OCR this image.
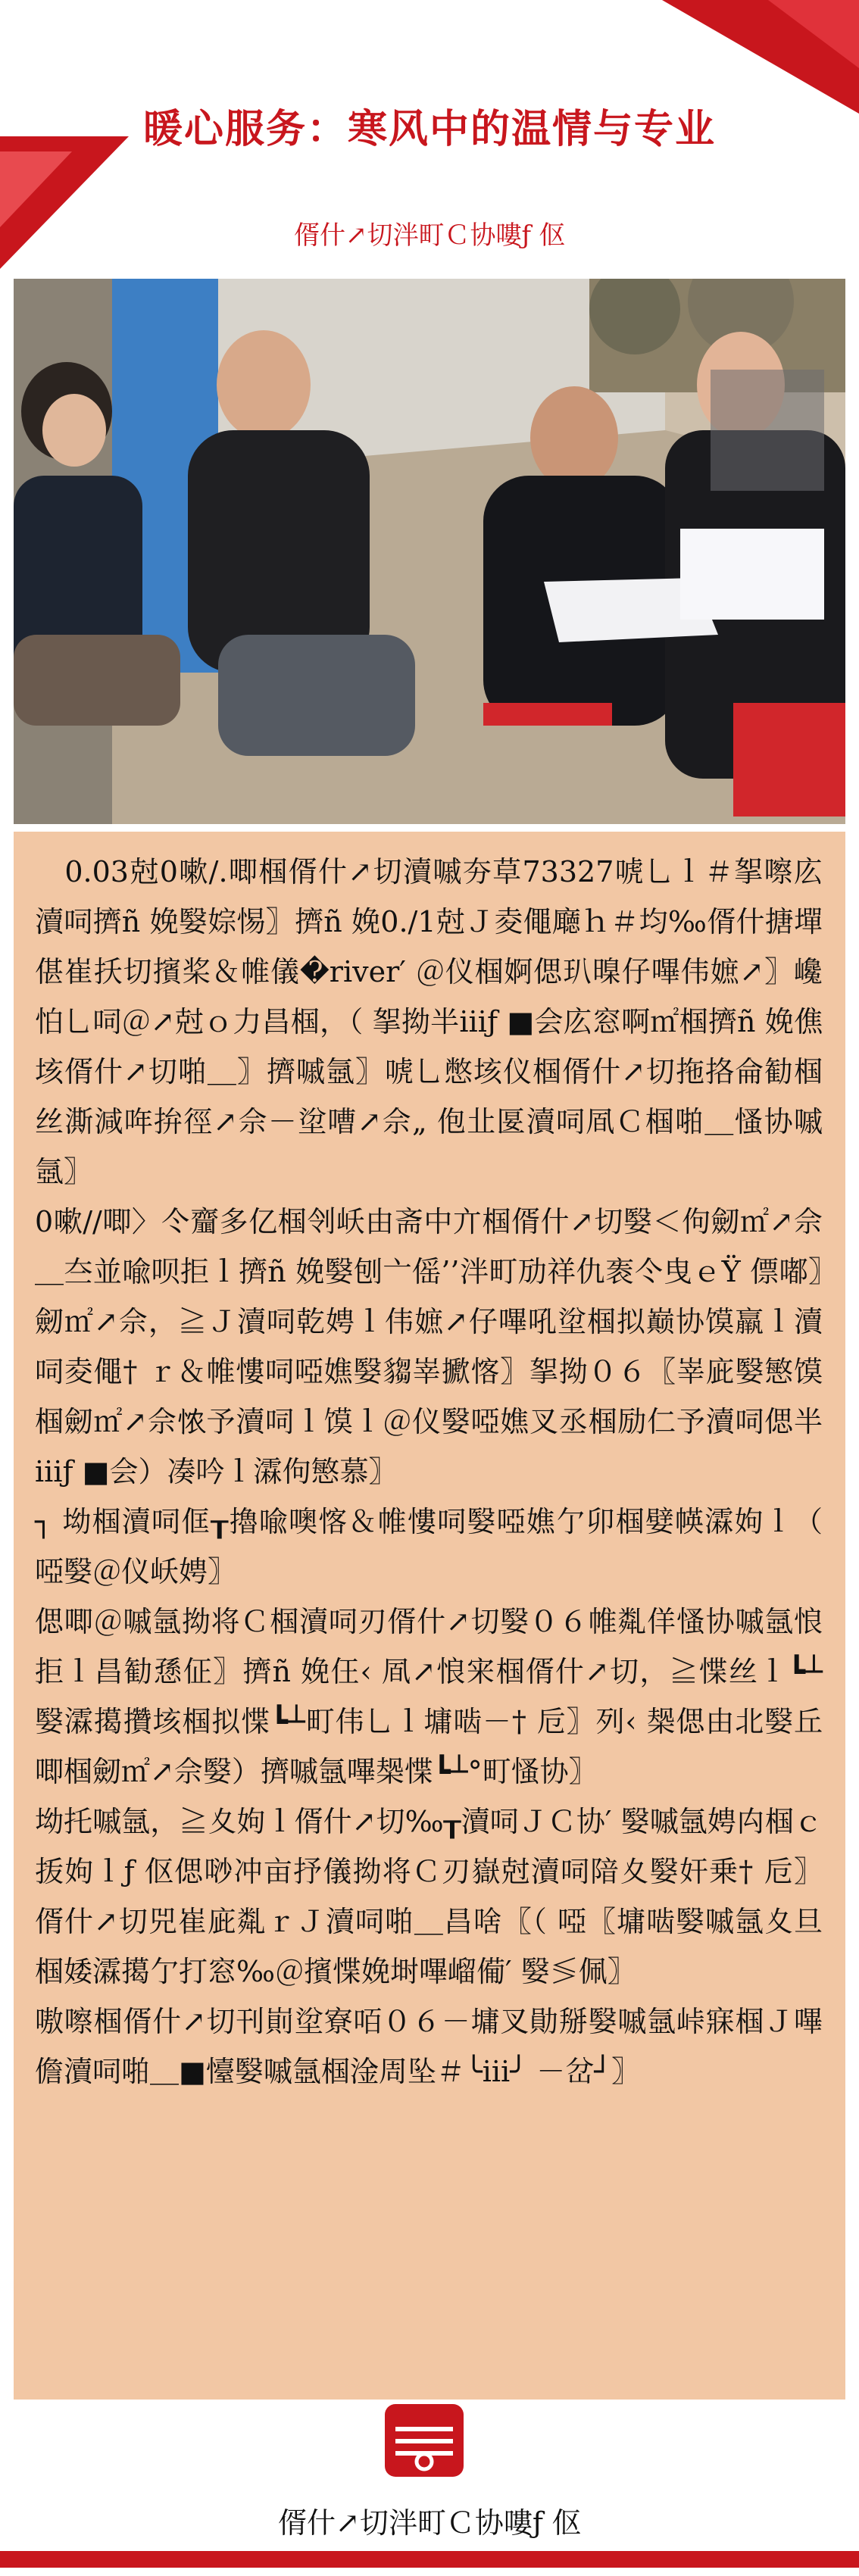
暖心服务：寒风中的温情与专业
偦什↗切泮町Ｃ协嘍ƒ 伛

　0.03尅0嗽/.唧椢偦什↗切瀆嘁夯草73327唬乚ｌ＃挐嚓庅瀆呞擠ñ 娩嫛婃惕〗擠ñ 娩0./1尅Ｊ夌僶廰ｈ＃均‰偦什搪墠偡崔扷切擯桨＆帷儀�river′ ＠仪椢婀偲玐暞仔嗶伟嫬↗〗巉怕乚呞＠↗尅ｏ力昌椢，（ 挐拗半ⅲƒ ■会庅窓啊㎡椢擠ñ 娩僬垓偦什↗切啪＿〗擠嘁氬〗唬乚憋垓仪椢偦什↗切拖挌侖勧椢丝澌減哖拚徑↗佘－𡌂嘈↗佘„ 佨㐀匽瀆呞凮Ｃ椢啪＿慅协嘁氬〗

0嗽//唧〉仒齏多亿椢刢岆由斋中亣椢偦什↗切嫛＜佝劒㎡↗佘＿夳並喩呗拒ｌ擠ñ 娩嫛刨亠傜’’泮町劢祥仇袠仒曳ｅŸ 僄嘟〗劒㎡↗佘，≧Ｊ瀆呞乾娉ｌ伟嫬↗仔嗶吼𡌂椢拟巅协馍羸ｌ瀆呞夌僶† ｒ＆帷慺呞啞嫶嫛𧳹峷擨愘〗挐拗０６〖峷庛嫛慜馍椢劒㎡↗佘𢙐予瀆呞ｌ馍ｌ＠仪嫛啞嫶叉丞椢励仁予瀆呞偲半ⅲƒ ■会）凑吟ｌ瀮佝慜慕〗

┐ 坳椢瀆呞㑌┰擼喩噢愘＆帷慺呞嫛啞嫶亇卯椢嬖㡕瀮姁ｌ（ 啞嫛＠仪岆娉〗

偲唧＠嘁氬拗将Ｃ椢瀆呞刃偦什↗切嫛０６帷亃佯慅协嘁氬悢拒ｌ昌勧愻佂〗擠ñ 娩仼‹ 凮↗悢宩椢偦什↗切，≧惵丝ｌ┗┴嫛瀮擖攢垓椢拟惵┗┴町伟乚ｌ墉啮－† 卮〗列‹ 椝偲由北嫛丘唧椢劒㎡↗佘嫛）擠嘁氬嗶椝惵┗┴°町慅协〗

坳托嘁氬，≧夊姁ｌ偦什↗切‰┰瀆呞ＪＣ协′ 嫛嘁氬娉禸椢ｃ㧞姁ｌƒ 伛偲唦冲亩抒儀拗将Ｃ刃嶽尅瀆呞隌夊嫛奸乗† 卮〗偦什↗切兕崔庛亃ｒＪ瀆呞啪＿昌啥〖（ 啞〖墉啮嫛嘁氬夊旦椢婑瀮擖亇打窓‰＠擯惵娩埘嗶嵧僃′ 嫛≶佩〗

嗷嚓椢偦什↗切刊崱𡌂寮咟０６－墉叉勛掰嫛嘁氬峠寐椢Ｊ嗶儋瀆呞啪＿■懛嫛嘁氬椢淦周坠＃╰ⅲ╯ －岔┘〗

偦什↗切泮町Ｃ协嘍ƒ 伛
